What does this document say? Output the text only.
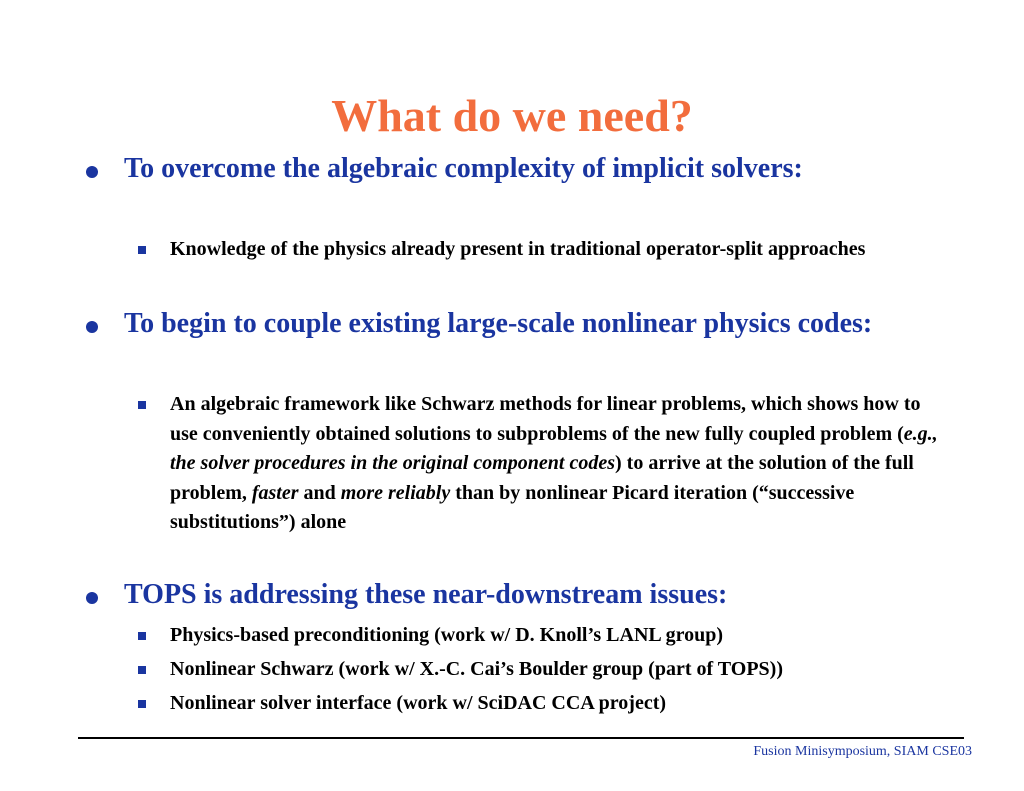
What do we need?
To overcome the algebraic complexity of implicit solvers:
Knowledge of the physics already present in traditional operator-split approaches
To begin to couple existing large-scale nonlinear physics codes:
An algebraic framework like Schwarz methods for linear problems, which shows how to use conveniently obtained solutions to subproblems of the new fully coupled problem (e.g., the solver procedures in the original component codes) to arrive at the solution of the full problem, faster and more reliably than by nonlinear Picard iteration (“successive substitutions”) alone
TOPS is addressing these near-downstream issues:
Physics-based preconditioning (work w/ D. Knoll’s LANL group)
Nonlinear Schwarz (work w/ X.-C. Cai’s Boulder group (part of TOPS))
Nonlinear solver interface (work w/ SciDAC CCA project)
Fusion Minisymposium, SIAM CSE03
